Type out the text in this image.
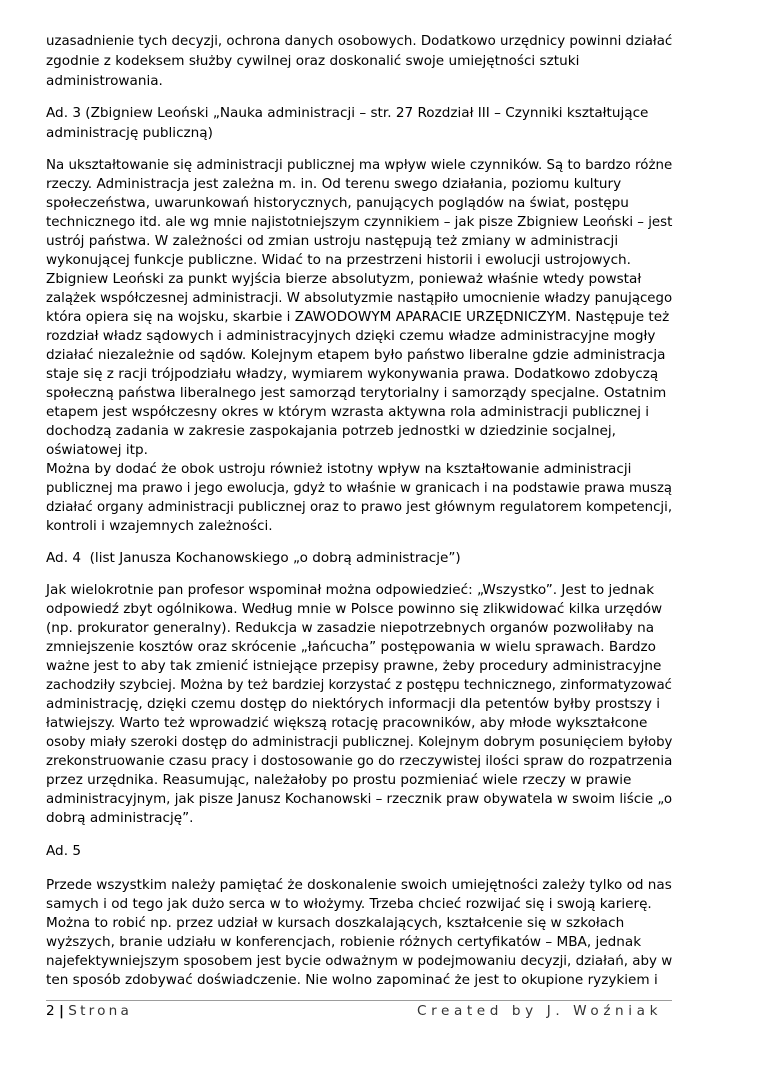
uzasadnienie tych decyzji, ochrona danych osobowych. Dodatkowo urzędnicy powinni działać
zgodnie z kodeksem służby cywilnej oraz doskonalić swoje umiejętności sztuki
administrowania.
Ad. 3 (Zbigniew Leoński „Nauka administracji – str. 27 Rozdział III – Czynniki kształtujące
administrację publiczną)
Na ukształtowanie się administracji publicznej ma wpływ wiele czynników. Są to bardzo różne
rzeczy. Administracja jest zależna m. in. Od terenu swego działania, poziomu kultury
społeczeństwa, uwarunkowań historycznych, panujących poglądów na świat, postępu
technicznego itd. ale wg mnie najistotniejszym czynnikiem – jak pisze Zbigniew Leoński – jest
ustrój państwa. W zależności od zmian ustroju następują też zmiany w administracji
wykonującej funkcje publiczne. Widać to na przestrzeni historii i ewolucji ustrojowych.
Zbigniew Leoński za punkt wyjścia bierze absolutyzm, ponieważ właśnie wtedy powstał
zalążek współczesnej administracji. W absolutyzmie nastąpiło umocnienie władzy panującego
która opiera się na wojsku, skarbie i ZAWODOWYM APARACIE URZĘDNICZYM. Następuje też
rozdział władz sądowych i administracyjnych dzięki czemu władze administracyjne mogły
działać niezależnie od sądów. Kolejnym etapem było państwo liberalne gdzie administracja
staje się z racji trójpodziału władzy, wymiarem wykonywania prawa. Dodatkowo zdobyczą
społeczną państwa liberalnego jest samorząd terytorialny i samorządy specjalne. Ostatnim
etapem jest współczesny okres w którym wzrasta aktywna rola administracji publicznej i
dochodzą zadania w zakresie zaspokajania potrzeb jednostki w dziedzinie socjalnej,
oświatowej itp.
Można by dodać że obok ustroju również istotny wpływ na kształtowanie administracji
publicznej ma prawo i jego ewolucja, gdyż to właśnie w granicach i na podstawie prawa muszą
działać organy administracji publicznej oraz to prawo jest głównym regulatorem kompetencji,
kontroli i wzajemnych zależności.
Ad. 4  (list Janusza Kochanowskiego „o dobrą administracje”)
Jak wielokrotnie pan profesor wspominał można odpowiedzieć: „Wszystko”. Jest to jednak
odpowiedź zbyt ogólnikowa. Według mnie w Polsce powinno się zlikwidować kilka urzędów
(np. prokurator generalny). Redukcja w zasadzie niepotrzebnych organów pozwoliłaby na
zmniejszenie kosztów oraz skrócenie „łańcucha” postępowania w wielu sprawach. Bardzo
ważne jest to aby tak zmienić istniejące przepisy prawne, żeby procedury administracyjne
zachodziły szybciej. Można by też bardziej korzystać z postępu technicznego, zinformatyzować
administrację, dzięki czemu dostęp do niektórych informacji dla petentów byłby prostszy i
łatwiejszy. Warto też wprowadzić większą rotację pracowników, aby młode wykształcone
osoby miały szeroki dostęp do administracji publicznej. Kolejnym dobrym posunięciem byłoby
zrekonstruowanie czasu pracy i dostosowanie go do rzeczywistej ilości spraw do rozpatrzenia
przez urzędnika. Reasumując, należałoby po prostu pozmieniać wiele rzeczy w prawie
administracyjnym, jak pisze Janusz Kochanowski – rzecznik praw obywatela w swoim liście „o
dobrą administrację”.
Ad. 5
Przede wszystkim należy pamiętać że doskonalenie swoich umiejętności zależy tylko od nas
samych i od tego jak dużo serca w to włożymy. Trzeba chcieć rozwijać się i swoją karierę.
Można to robić np. przez udział w kursach doszkalających, kształcenie się w szkołach
wyższych, branie udziału w konferencjach, robienie różnych certyfikatów – MBA, jednak
najefektywniejszym sposobem jest bycie odważnym w podejmowaniu decyzji, działań, aby w
ten sposób zdobywać doświadczenie. Nie wolno zapominać że jest to okupione ryzykiem i
2 | Strona	Created by J. Woźniak
